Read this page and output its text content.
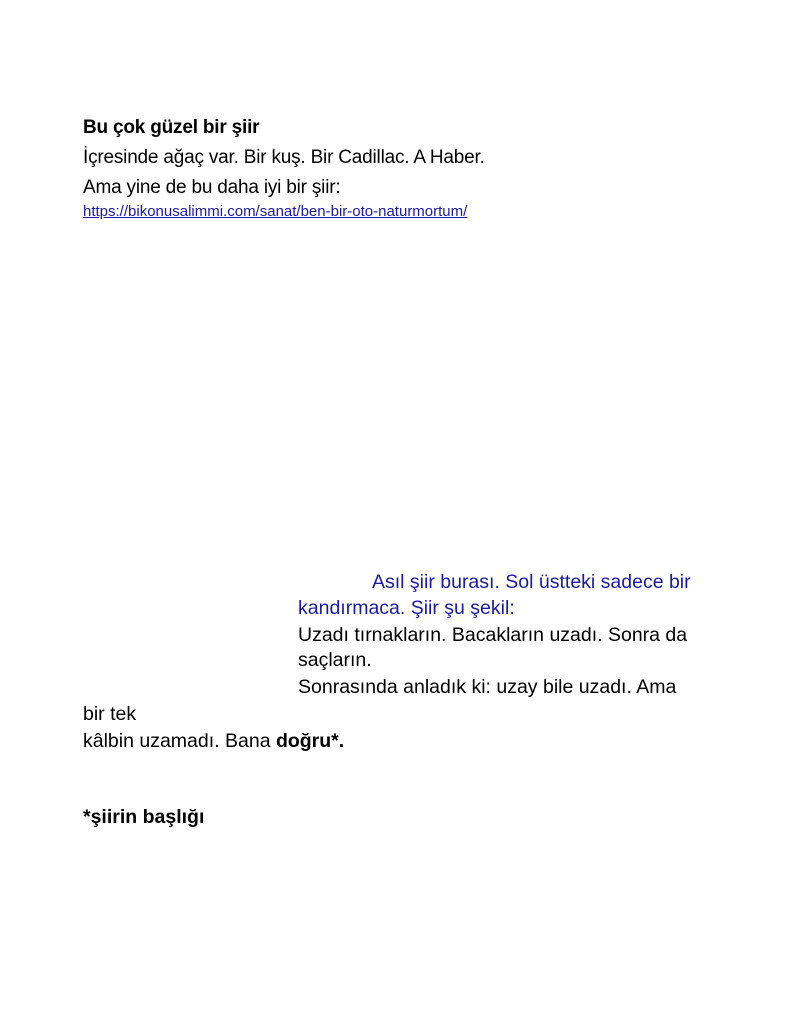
Bu çok güzel bir şiir
İçresinde ağaç var. Bir kuş. Bir Cadillac. A Haber.
Ama yine de bu daha iyi bir şiir:
https://bikonusalimmi.com/sanat/ben-bir-oto-naturmortum/
Asıl şiir burası. Sol üstteki sadece bir
kandırmaca. Şiir şu şekil:
Uzadı tırnakların. Bacakların uzadı. Sonra da
saçların.
Sonrasında anladık ki: uzay bile uzadı. Ama
bir tek
kâlbin uzamadı. Bana doğru*.
*şiirin başlığı
